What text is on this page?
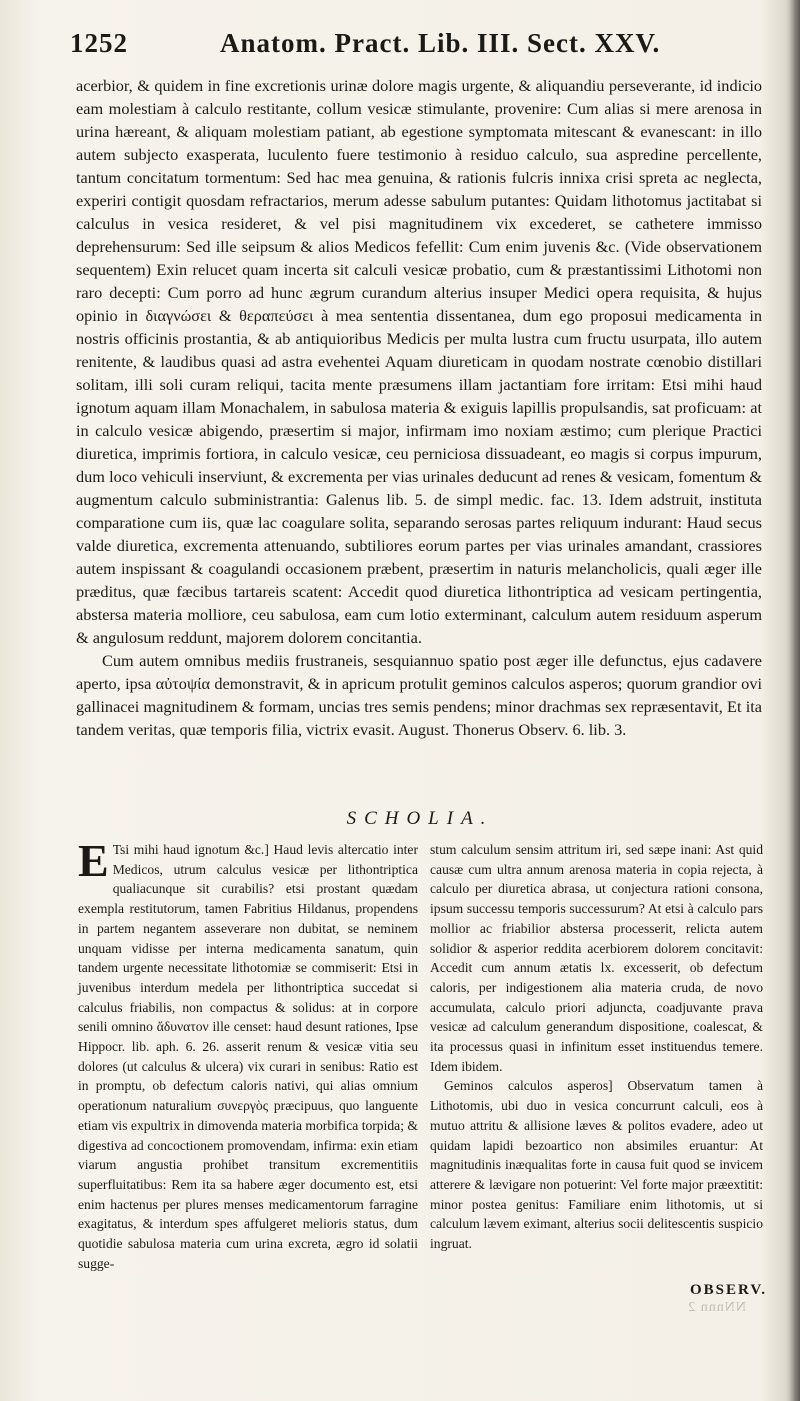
1252	Anatom. Pract. Lib. III. Sect. XXV.

acerbior, & quidem in fine excretionis urinæ dolore magis urgente, & aliquandiu perseverante, id indicio eam molestiam à calculo restitante, collum vesicæ stimulante, provenire: Cum alias si mere arenosa in urina hæreant, & aliquam molestiam patiant, ab egestione symptomata mitescant & evanescant: in illo autem subjecto exasperata, luculento fuere testimonio à residuo calculo, sua aspredine percellente, tantum concitatum tormentum: Sed hac mea genuina, & rationis fulcris innixa crisi spreta ac neglecta, experiri contigit quosdam refractarios, merum adesse sabulum putantes: Quidam lithotomus jactitabat si calculus in vesica resideret, & vel pisi magnitudinem vix excederet, se cathetere immisso deprehensurum: Sed ille seipsum & alios Medicos fefellit: Cum enim juvenis &c. (Vide observationem sequentem) Exin relucet quam incerta sit calculi vesicæ probatio, cum & præstantissimi Lithotomi non raro decepti: Cum porro ad hunc ægrum curandum alterius insuper Medici opera requisita, & hujus opinio in διαγνώσει & θεραπεύσει à mea sententia dissentanea, dum ego proposui medicamenta in nostris officinis prostantia, & ab antiquioribus Medicis per multa lustra cum fructu usurpata, illo autem renitente, & laudibus quasi ad astra evehentei Aquam diureticam in quodam nostrate cœnobio distillari solitam, illi soli curam reliqui, tacita mente præsumens illam jactantiam fore irritam: Etsi mihi haud ignotum aquam illam Monachalem, in sabulosa materia & exiguis lapillis propulsandis, sat proficuam: at in calculo vesicæ abigendo, præsertim si major, infirmam imo noxiam æstimo; cum plerique Practici diuretica, imprimis fortiora, in calculo vesicæ, ceu perniciosa dissuadeant, eo magis si corpus impurum, dum loco vehiculi inserviunt, & excrementa per vias urinales deducunt ad renes & vesicam, fomentum & augmentum calculo subministrantia: Galenus lib. 5. de simpl medic. fac. 13. Idem adstruit, instituta comparatione cum iis, quæ lac coagulare solita, separando serosas partes reliquum indurant: Haud secus valde diuretica, excrementa attenuando, subtiliores eorum partes per vias urinales amandant, crassiores autem inspissant & coagulandi occasionem præbent, præsertim in naturis melancholicis, quali æger ille præditus, quæ fæcibus tartareis scatent: Accedit quod diuretica lithontriptica ad vesicam pertingentia, abstersa materia molliore, ceu sabulosa, eam cum lotio exterminant, calculum autem residuum asperum & angulosum reddunt, majorem dolorem concitantia.

Cum autem omnibus mediis frustraneis, sesquiannuo spatio post æger ille defunctus, ejus cadavere aperto, ipsa αὐτοψία demonstravit, & in apricum protulit geminos calculos asperos; quorum grandior ovi gallinacei magnitudinem & formam, uncias tres semis pendens; minor drachmas sex repræsentavit, Et ita tandem veritas, quæ temporis filia, victrix evasit. August. Thonerus Observ. 6. lib. 3.

SCHOLIA.

E Tsi mihi haud ignotum &c.] Haud levis altercatio inter Medicos, utrum calculus vesicæ per lithontriptica qualiacunque sit curabilis? etsi prostant quædam exempla restitutorum, tamen Fabritius Hildanus, propendens in partem negantem asseverare non dubitat, se neminem unquam vidisse per interna medicamenta sanatum, quin tandem urgente necessitate lithotomiæ se commiserit: Etsi in juvenibus interdum medela per lithontriptica succedat si calculus friabilis, non compactus & solidus: at in corpore senili omnino ἄδυνατον ille censet: haud desunt rationes, Ipse Hippocr. lib. aph. 6. 26. asserit renum & vesicæ vitia seu dolores (ut calculus & ulcera) vix curari in senibus: Ratio est in promptu, ob defectum caloris nativi, qui alias omnium operationum naturalium συνεργὸς præcipuus, quo languente etiam vis expultrix in dimovenda materia morbifica torpida; & digestiva ad concoctionem promovendam, infirma: exin etiam viarum angustia prohibet transitum excrementitiis superfluitatibus: Rem ita sa habere æger documento est, etsi enim hactenus per plures menses medicamentorum farragine exagitatus, & interdum spes affulgeret melioris status, dum quotidie sabulosa materia cum urina excreta, ægro id solatii sugge-

stum calculum sensim attritum iri, sed sæpe inani: Ast quid causæ cum ultra annum arenosa materia in copia rejecta, à calculo per diuretica abrasa, ut conjectura rationi consona, ipsum successu temporis successurum? At etsi à calculo pars mollior ac friabilior abstersa processerit, relicta autem solidior & asperior reddita acerbiorem dolorem concitavit: Accedit cum annum ætatis lx. excesserit, ob defectum caloris, per indigestionem alia materia cruda, de novo accumulata, calculo priori adjuncta, coadjuvante prava vesicæ ad calculum generandum dispositione, coalescat, & ita processus quasi in infinitum esset instituendus temere. Idem ibidem.

Geminos calculos asperos] Observatum tamen à Lithotomis, ubi duo in vesica concurrunt calculi, eos à mutuo attritu & allisione læves & politos evadere, adeo ut quidam lapidi bezoartico non absimiles eruantur: At magnitudinis inæqualitas forte in causa fuit quod se invicem atterere & lævigare non potuerint: Vel forte major præextitit: minor postea genitus: Familiare enim lithotomis, ut si calculum lævem eximant, alterius socii delitescentis suspicio ingruat.

OBSERV.
NNnnn 2
